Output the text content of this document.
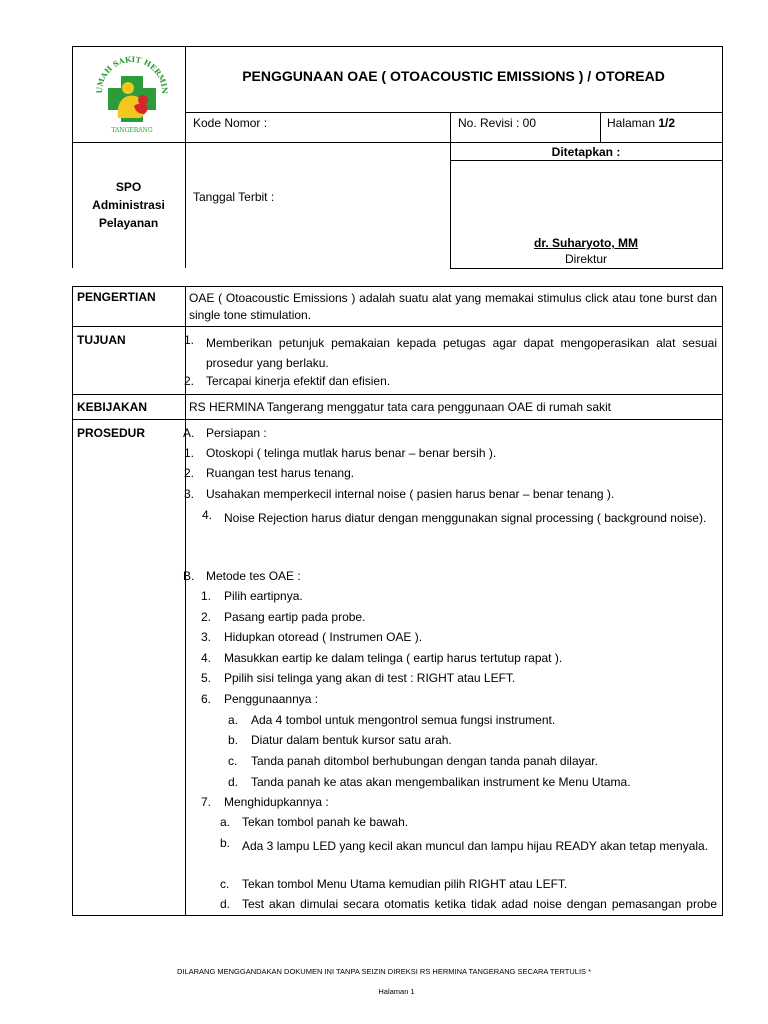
UMAH SAKIT HERMIN
TANGERANG
PENGGUNAAN OAE ( OTOACOUSTIC EMISSIONS ) / OTOREAD
Kode Nomor :	No. Revisi : 00	Halaman 1/2
SPO
Administrasi
Pelayanan
Tanggal Terbit :
Ditetapkan :
dr. Suharyoto, MM
Direktur
PENGERTIAN	OAE ( Otoacoustic Emissions ) adalah suatu alat yang memakai stimulus click atau tone burst dan single tone stimulation.
TUJUAN	1. Memberikan petunjuk pemakaian kepada petugas agar dapat mengoperasikan alat sesuai prosedur yang berlaku.
2. Tercapai kinerja efektif dan efisien.
KEBIJAKAN	RS HERMINA Tangerang menggatur tata cara penggunaan OAE di rumah sakit
PROSEDUR	A. Persiapan :
1. Otoskopi ( telinga mutlak harus benar – benar bersih ).
2. Ruangan test harus tenang.
3. Usahakan memperkecil internal noise ( pasien harus benar – benar tenang ).
4. Noise Rejection harus diatur dengan menggunakan signal processing ( background noise).
B. Metode tes OAE :
1. Pilih eartipnya.
2. Pasang eartip pada probe.
3. Hidupkan otoread ( Instrumen OAE ).
4. Masukkan eartip ke dalam telinga ( eartip harus tertutup rapat ).
5. Ppilih sisi telinga yang akan di test : RIGHT atau LEFT.
6. Penggunaannya :
a. Ada 4 tombol untuk mengontrol semua fungsi instrument.
b. Diatur dalam bentuk kursor satu arah.
c. Tanda panah ditombol berhubungan dengan tanda panah dilayar.
d. Tanda panah ke atas akan mengembalikan instrument ke Menu Utama.
7. Menghidupkannya :
a. Tekan tombol panah ke bawah.
b. Ada 3 lampu LED yang kecil akan muncul dan lampu hijau READY akan tetap menyala.
c. Tekan tombol Menu Utama kemudian pilih RIGHT atau LEFT.
d. Test akan dimulai secara otomatis ketika tidak adad noise dengan pemasangan probe
DILARANG MENGGANDAKAN DOKUMEN INI TANPA SEIZIN DIREKSI RS HERMINA TANGERANG SECARA TERTULIS *
Halaman 1
